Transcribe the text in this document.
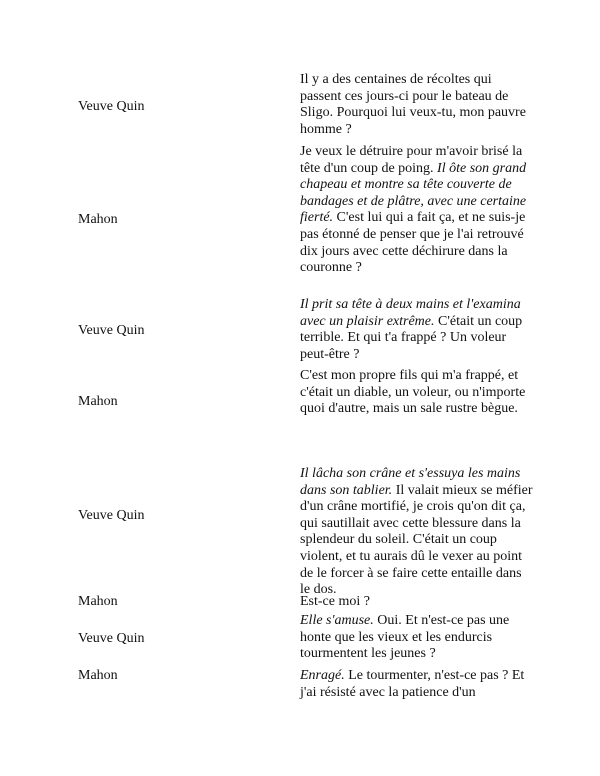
Veuve Quin
Il y a des centaines de récoltes qui passent ces jours-ci pour le bateau de Sligo. Pourquoi lui veux-tu, mon pauvre homme ?
Mahon
Je veux le détruire pour m'avoir brisé la tête d'un coup de poing. Il ôte son grand chapeau et montre sa tête couverte de bandages et de plâtre, avec une certaine fierté. C'est lui qui a fait ça, et ne suis-je pas étonné de penser que je l'ai retrouvé dix jours avec cette déchirure dans la couronne ?
Veuve Quin
Il prit sa tête à deux mains et l'examina avec un plaisir extrême. C'était un coup terrible. Et qui t'a frappé ? Un voleur peut-être ?
Mahon
C'est mon propre fils qui m'a frappé, et c'était un diable, un voleur, ou n'importe quoi d'autre, mais un sale rustre bègue.
Veuve Quin
Il lâcha son crâne et s'essuya les mains dans son tablier. Il valait mieux se méfier d'un crâne mortifié, je crois qu'on dit ça, qui sautillait avec cette blessure dans la splendeur du soleil. C'était un coup violent, et tu aurais dû le vexer au point de le forcer à se faire cette entaille dans le dos.
Mahon	Est-ce moi ?
Veuve Quin
Elle s'amuse. Oui. Et n'est-ce pas une honte que les vieux et les endurcis tourmentent les jeunes ?
Mahon	Enragé. Le tourmenter, n'est-ce pas ? Et j'ai résisté avec la patience d'un
